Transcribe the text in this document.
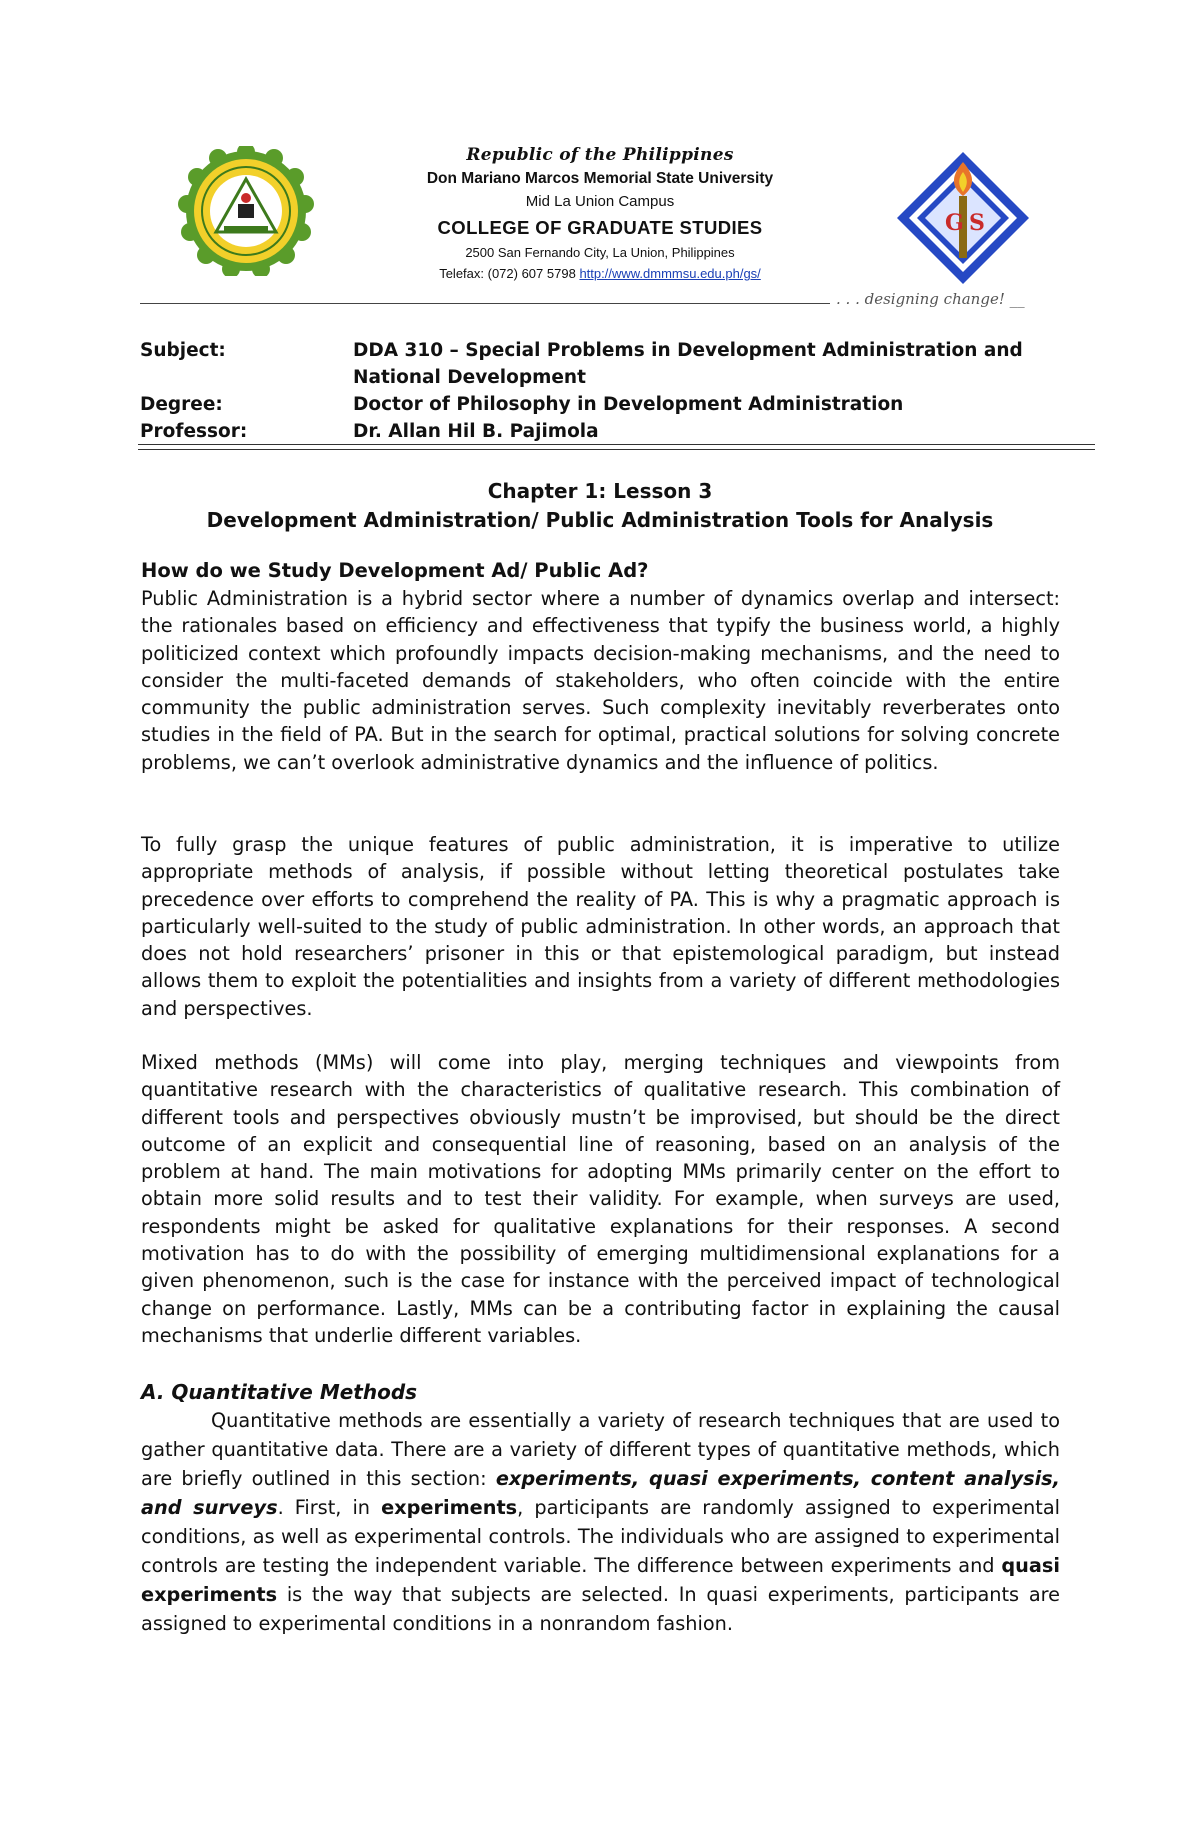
G S
Republic of the Philippines
Don Mariano Marcos Memorial State University
Mid La Union Campus
COLLEGE OF GRADUATE STUDIES
2500 San Fernando City, La Union, Philippines
Telefax: (072) 607 5798 http://www.dmmmsu.edu.ph/gs/
. . . designing change! __
Subject:	DDA 310 – Special Problems in Development Administration and National Development
Degree:	Doctor of Philosophy in Development Administration
Professor:	Dr. Allan Hil B. Pajimola
Chapter 1: Lesson 3
Development Administration/ Public Administration Tools for Analysis

How do we Study Development Ad/ Public Ad?

Public Administration is a hybrid sector where a number of dynamics overlap and intersect: the rationales based on efficiency and effectiveness that typify the business world, a highly politicized context which profoundly impacts decision-making mechanisms, and the need to consider the multi-faceted demands of stakeholders, who often coincide with the entire community the public administration serves. Such complexity inevitably reverberates onto studies in the field of PA. But in the search for optimal, practical solutions for solving concrete problems, we can’t overlook administrative dynamics and the influence of politics.

To fully grasp the unique features of public administration, it is imperative to utilize appropriate methods of analysis, if possible without letting theoretical postulates take precedence over efforts to comprehend the reality of PA. This is why a pragmatic approach is particularly well-suited to the study of public administration. In other words, an approach that does not hold researchers’ prisoner in this or that epistemological paradigm, but instead allows them to exploit the potentialities and insights from a variety of different methodologies and perspectives.

Mixed methods (MMs) will come into play, merging techniques and viewpoints from quantitative research with the characteristics of qualitative research. This combination of different tools and perspectives obviously mustn’t be improvised, but should be the direct outcome of an explicit and consequential line of reasoning, based on an analysis of the problem at hand. The main motivations for adopting MMs primarily center on the effort to obtain more solid results and to test their validity. For example, when surveys are used, respondents might be asked for qualitative explanations for their responses. A second motivation has to do with the possibility of emerging multidimensional explanations for a given phenomenon, such is the case for instance with the perceived impact of technological change on performance. Lastly, MMs can be a contributing factor in explaining the causal mechanisms that underlie different variables.

A. Quantitative Methods

Quantitative methods are essentially a variety of research techniques that are used to gather quantitative data. There are a variety of different types of quantitative methods, which are briefly outlined in this section: experiments, quasi experiments, content analysis, and surveys. First, in experiments, participants are randomly assigned to experimental conditions, as well as experimental controls. The individuals who are assigned to experimental controls are testing the independent variable. The difference between experiments and quasi experiments is the way that subjects are selected. In quasi experiments, participants are assigned to experimental conditions in a nonrandom fashion.
